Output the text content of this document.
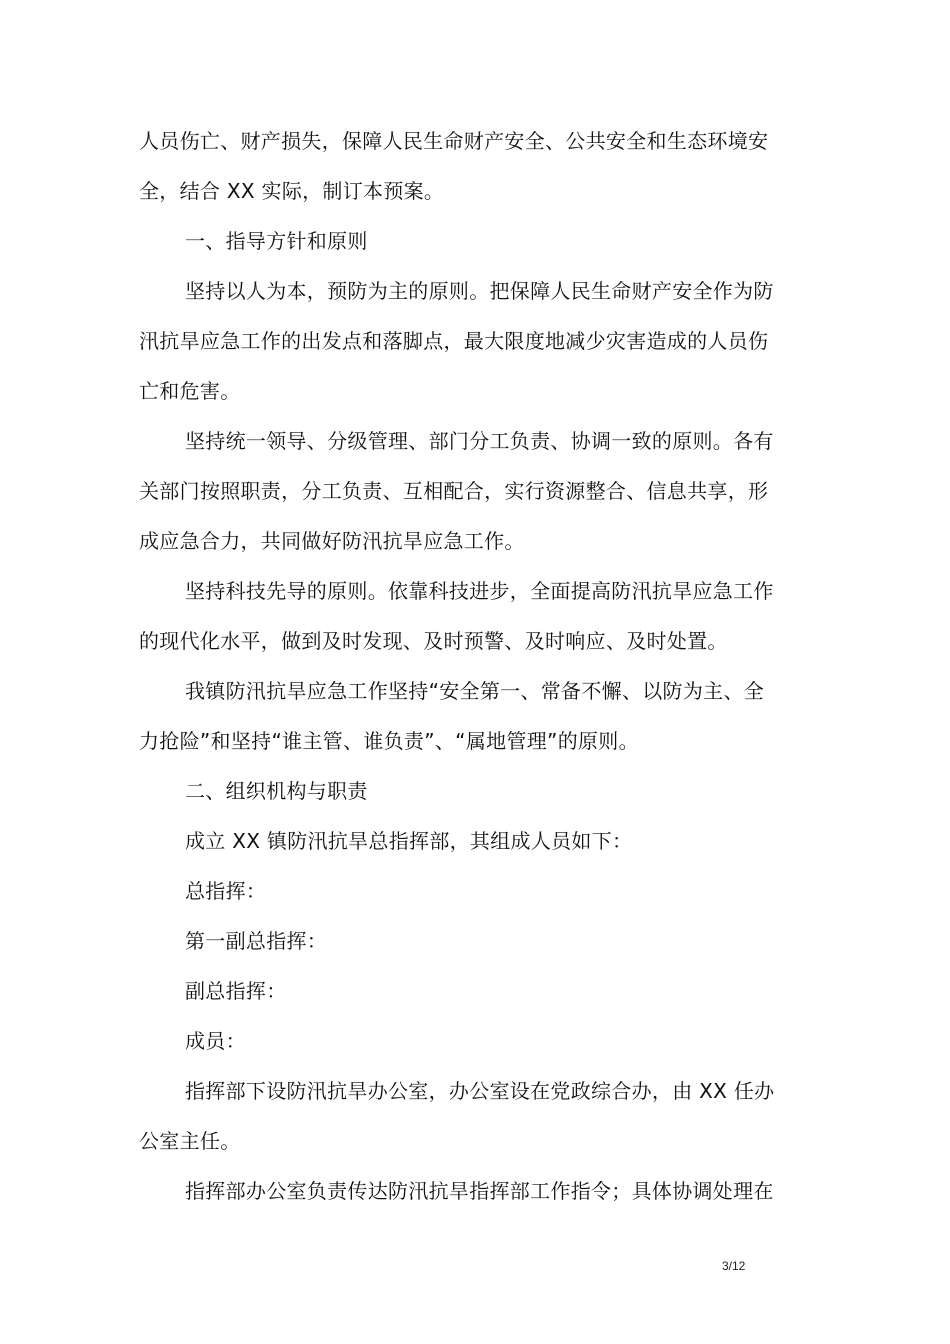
人员伤亡、财产损失，保障人民生命财产安全、公共安全和生态环境安
全，结合 XX 实际，制订本预案。
一、指导方针和原则
坚持以人为本，预防为主的原则。把保障人民生命财产安全作为防
汛抗旱应急工作的出发点和落脚点，最大限度地减少灾害造成的人员伤
亡和危害。
坚持统一领导、分级管理、部门分工负责、协调一致的原则。各有
关部门按照职责，分工负责、互相配合，实行资源整合、信息共享，形
成应急合力，共同做好防汛抗旱应急工作。
坚持科技先导的原则。依靠科技进步，全面提高防汛抗旱应急工作
的现代化水平，做到及时发现、及时预警、及时响应、及时处置。
我镇防汛抗旱应急工作坚持“安全第一、常备不懈、以防为主、全
力抢险”和坚持“谁主管、谁负责”、“属地管理”的原则。
二、组织机构与职责
成立 XX 镇防汛抗旱总指挥部，其组成人员如下：
总指挥：
第一副总指挥：
副总指挥：
成员：
指挥部下设防汛抗旱办公室，办公室设在党政综合办，由 XX 任办
公室主任。
指挥部办公室负责传达防汛抗旱指挥部工作指令；具体协调处理在
3/12
